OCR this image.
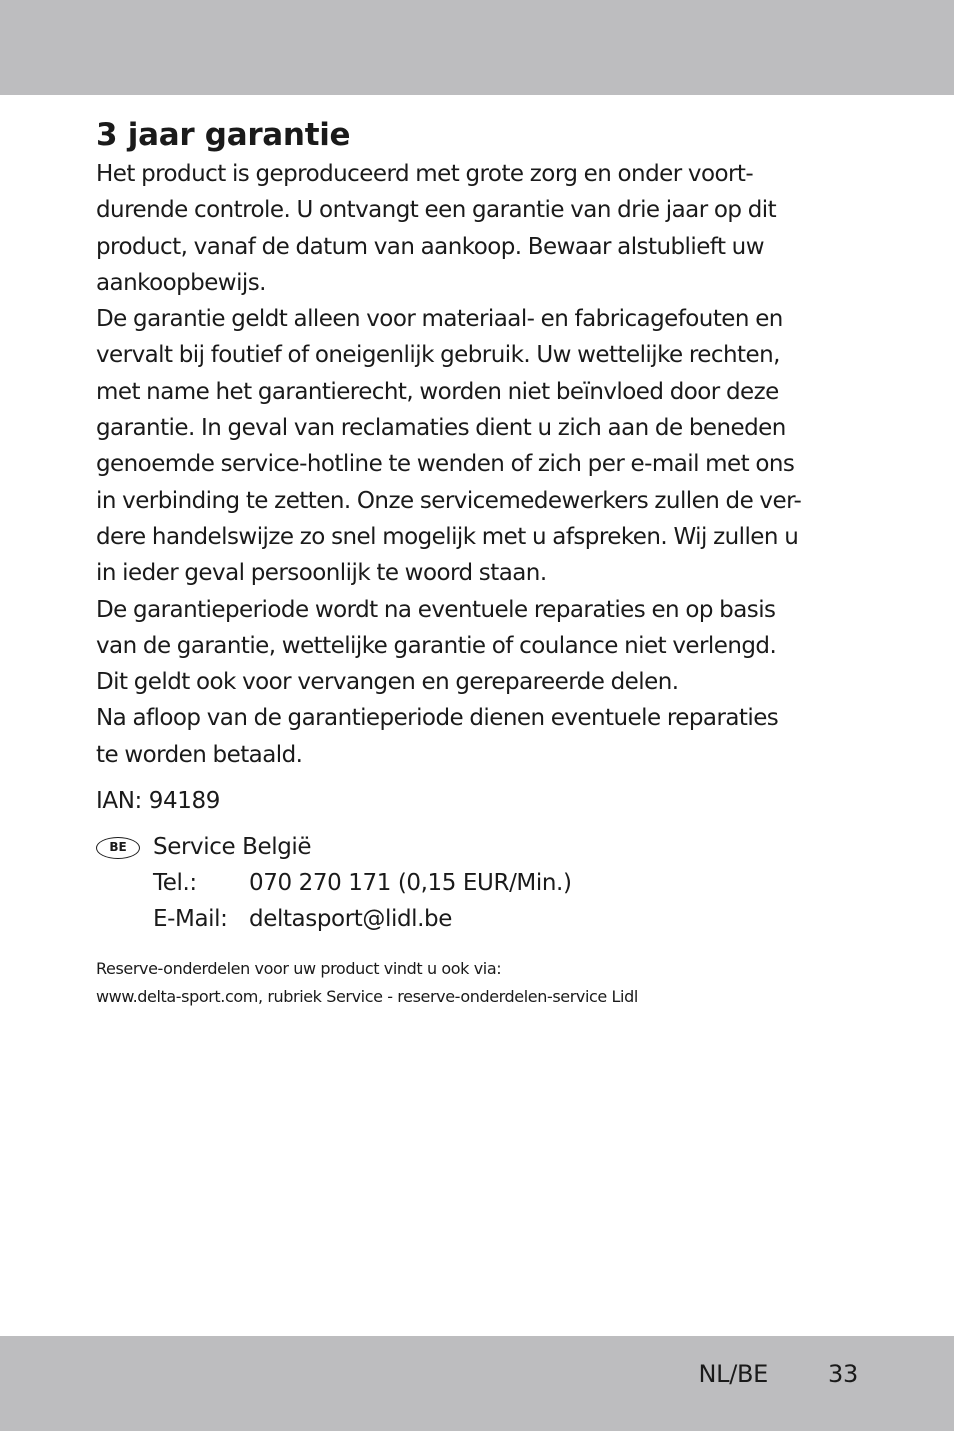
3 jaar garantie
Het product is geproduceerd met grote zorg en onder voort-
durende controle. U ontvangt een garantie van drie jaar op dit
product, vanaf de datum van aankoop. Bewaar alstublieft uw
aankoopbewijs.
De garantie geldt alleen voor materiaal- en fabricagefouten en
vervalt bij foutief of oneigenlijk gebruik. Uw wettelijke rechten,
met name het garantierecht, worden niet beïnvloed door deze
garantie. In geval van reclamaties dient u zich aan de beneden
genoemde service-hotline te wenden of zich per e-mail met ons
in verbinding te zetten. Onze servicemedewerkers zullen de ver-
dere handelswijze zo snel mogelijk met u afspreken. Wij zullen u
in ieder geval persoonlijk te woord staan.
De garantieperiode wordt na eventuele reparaties en op basis
van de garantie, wettelijke garantie of coulance niet verlengd.
Dit geldt ook voor vervangen en gerepareerde delen.
Na afloop van de garantieperiode dienen eventuele reparaties
te worden betaald.
IAN: 94189
BE	Service België
Tel.:	070 270 171 (0,15 EUR/Min.)
E-Mail: deltasport@lidl.be
Reserve-onderdelen voor uw product vindt u ook via:
www.delta-sport.com, rubriek Service - reserve-onderdelen-service Lidl
NL/BE	33
